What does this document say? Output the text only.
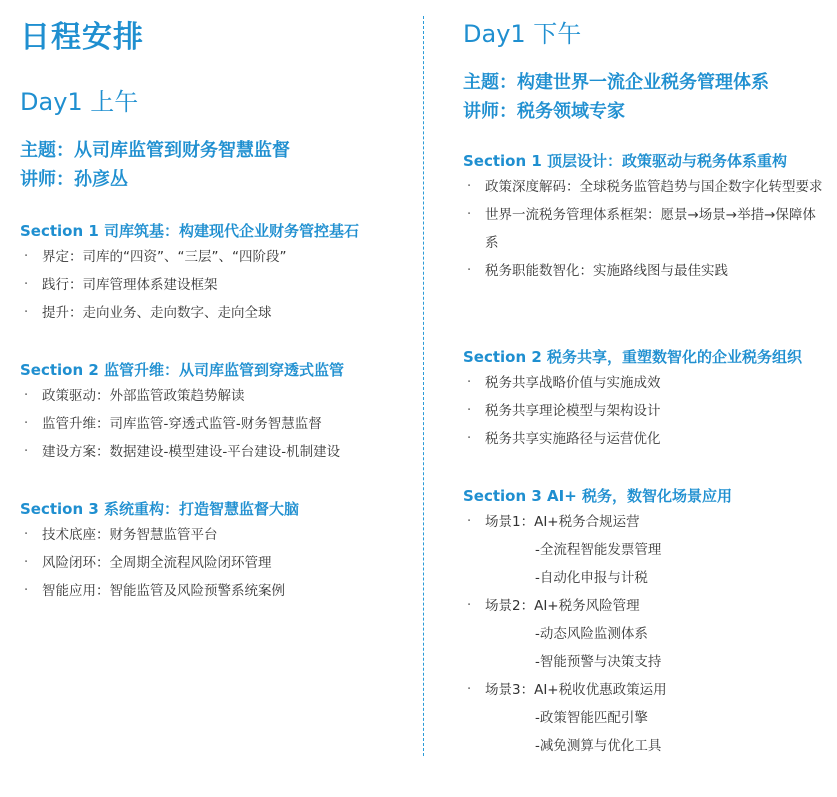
日程安排
Day1 上午
主题：从司库监管到财务智慧监督
讲师：孙彦丛
Section 1 司库筑基：构建现代企业财务管控基石
· 界定：司库的“四资”、“三层”、“四阶段”
· 践行：司库管理体系建设框架
· 提升：走向业务、走向数字、走向全球
Section 2 监管升维：从司库监管到穿透式监管
· 政策驱动：外部监管政策趋势解读
· 监管升维：司库监管-穿透式监管-财务智慧监督
· 建设方案：数据建设-模型建设-平台建设-机制建设
Section 3 系统重构：打造智慧监督大脑
· 技术底座：财务智慧监管平台
· 风险闭环：全周期全流程风险闭环管理
· 智能应用：智能监管及风险预警系统案例
Day1 下午
主题：构建世界一流企业税务管理体系
讲师：税务领域专家
Section 1 顶层设计：政策驱动与税务体系重构
· 政策深度解码：全球税务监管趋势与国企数字化转型要求
· 世界一流税务管理体系框架：愿景→场景→举措→保障体系
· 税务职能数智化：实施路线图与最佳实践
Section 2 税务共享，重塑数智化的企业税务组织
· 税务共享战略价值与实施成效
· 税务共享理论模型与架构设计
· 税务共享实施路径与运营优化
Section 3 AI+ 税务，数智化场景应用
· 场景1：AI+税务合规运营
-全流程智能发票管理
-自动化申报与计税
· 场景2：AI+税务风险管理
-动态风险监测体系
-智能预警与决策支持
· 场景3：AI+税收优惠政策运用
-政策智能匹配引擎
-减免测算与优化工具
